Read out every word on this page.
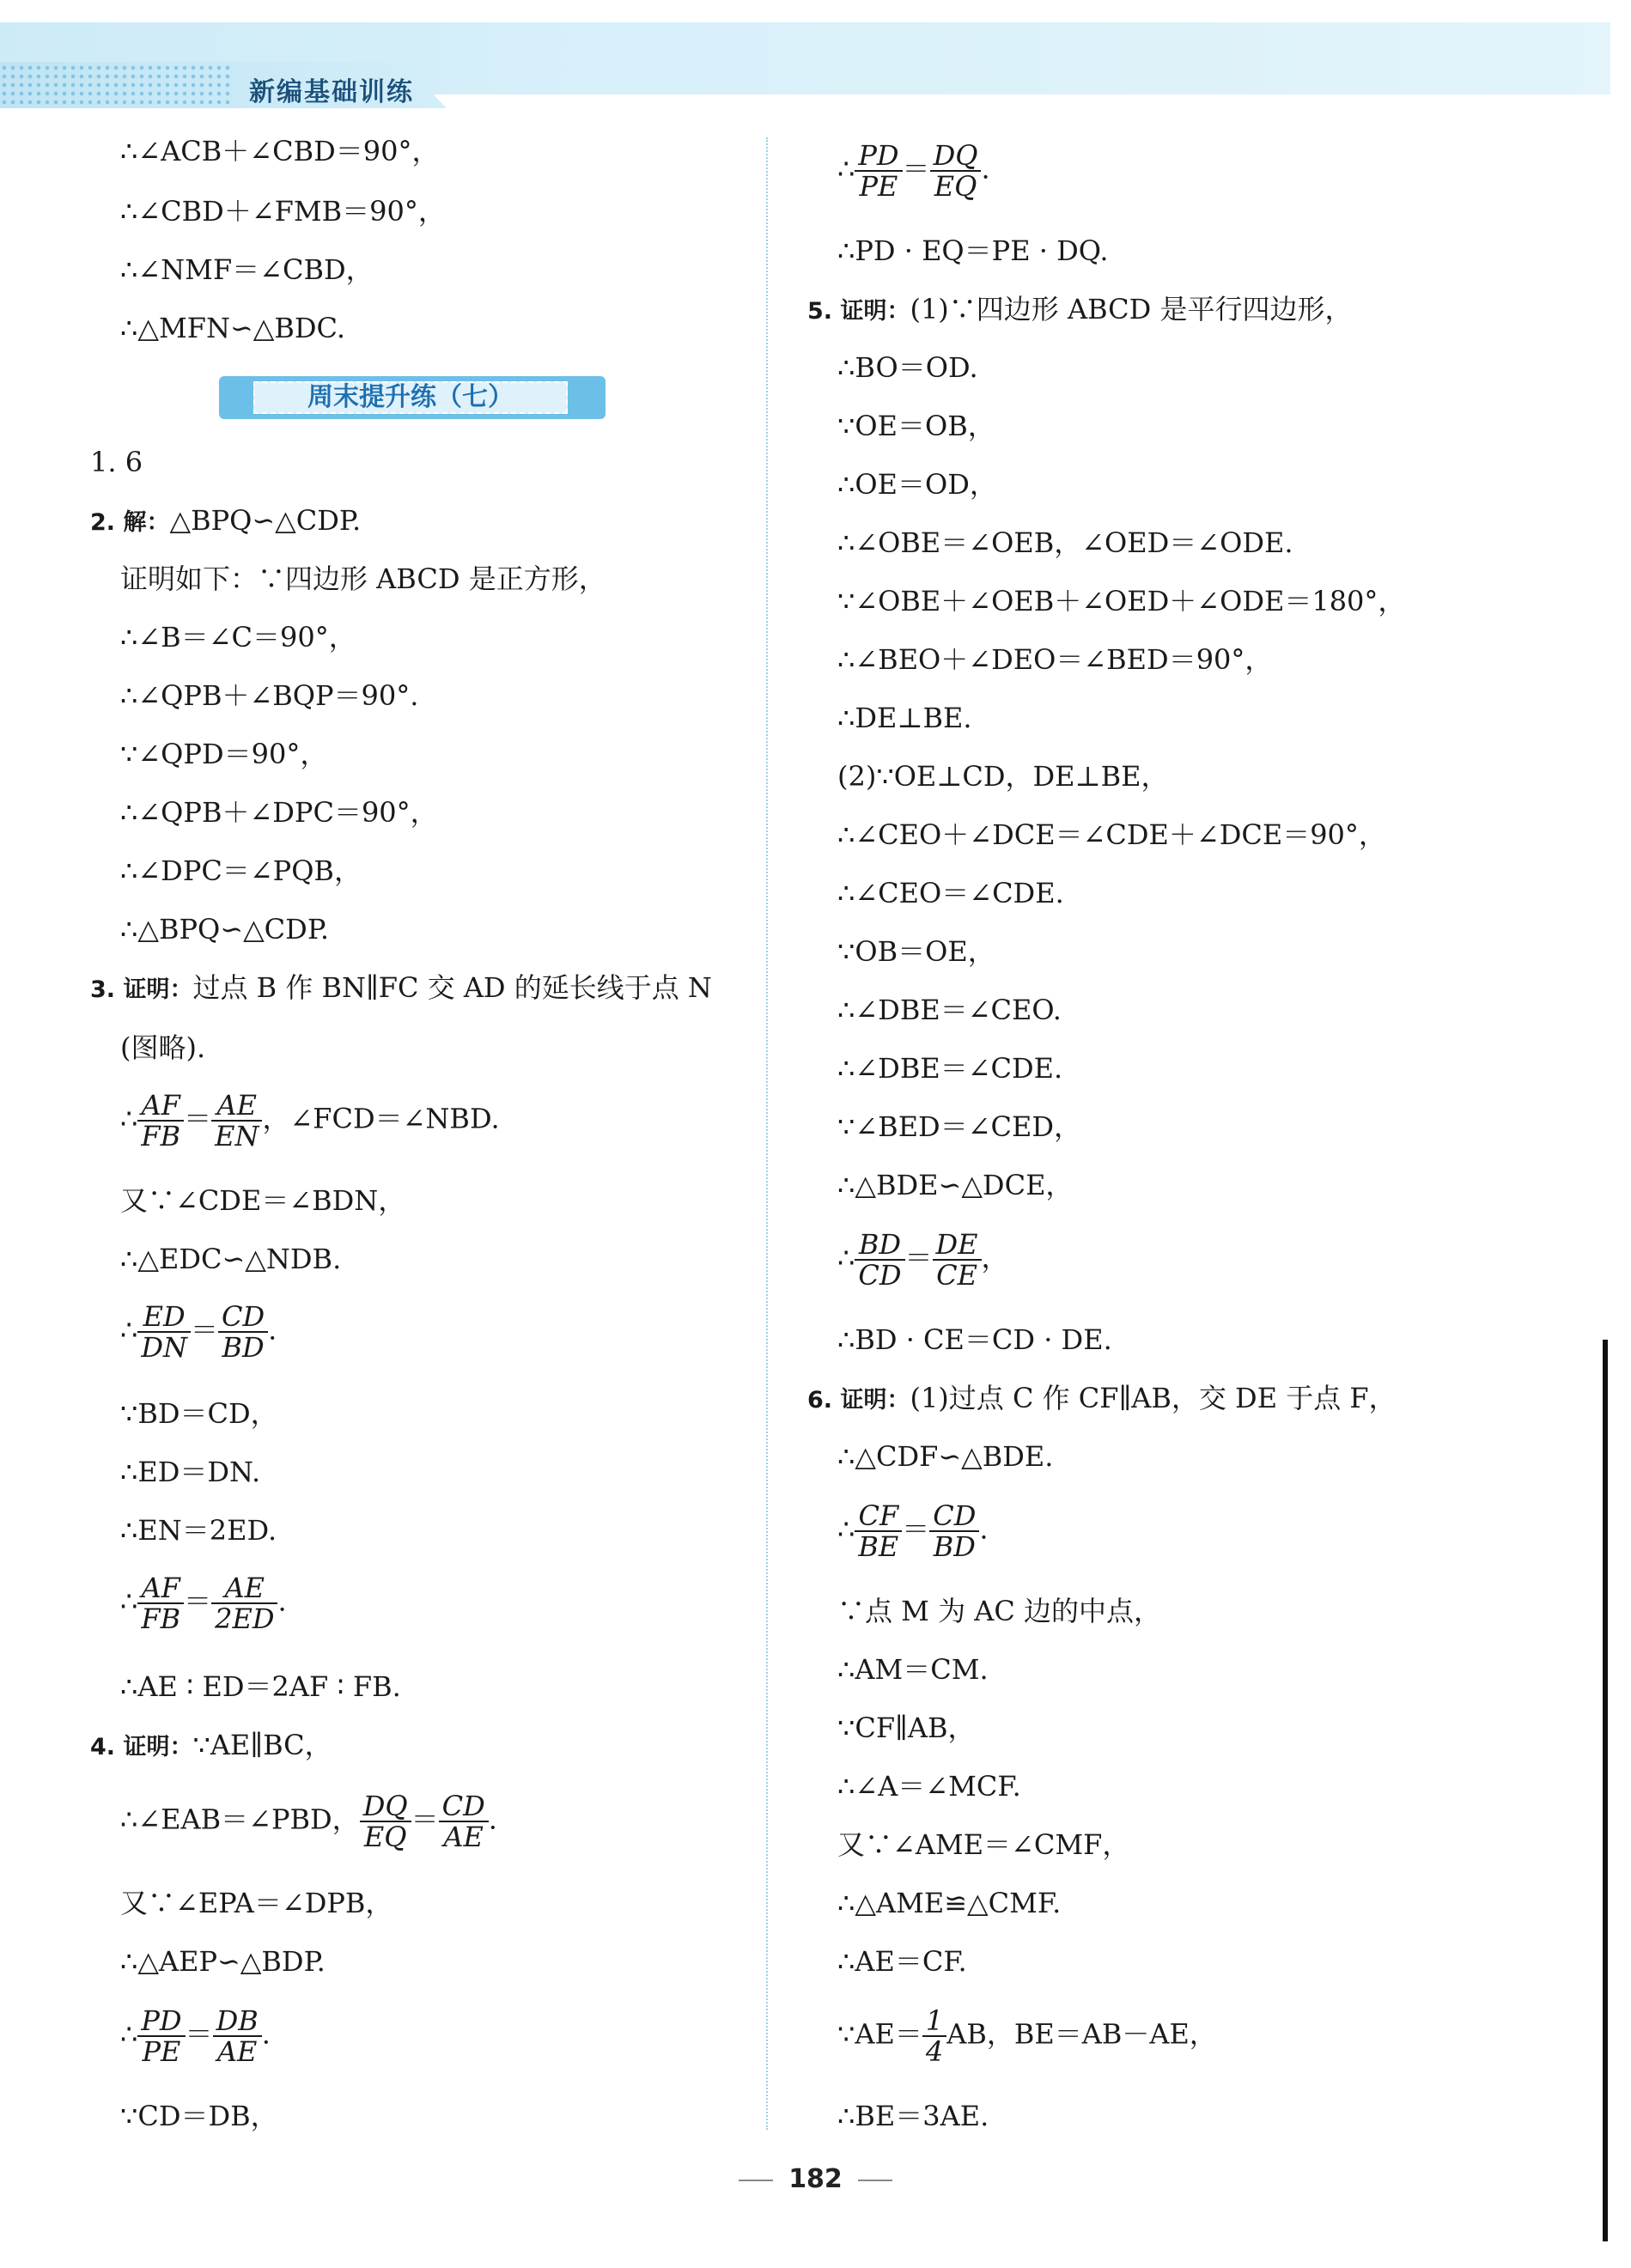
新编基础训练
∴∠ACB＋∠CBD＝90°，
∴∠CBD＋∠FMB＝90°，
∴∠NMF＝∠CBD，
∴△MFN∽△BDC.
周末提升练（七）
1. 6
2. 解：△BPQ∽△CDP.
证明如下：∵四边形 ABCD 是正方形，
∴∠B＝∠C＝90°，
∴∠QPB＋∠BQP＝90°.
∵∠QPD＝90°，
∴∠QPB＋∠DPC＝90°，
∴∠DPC＝∠PQB，
∴△BPQ∽△CDP.
3. 证明：过点 B 作 BN∥FC 交 AD 的延长线于点 N
(图略).
∴ $\frac{AF}{FB} = \frac{AE}{EN}$ ，∠FCD＝∠NBD.
又∵∠CDE＝∠BDN，
∴△EDC∽△NDB.
∴ $\frac{ED}{DN} = \frac{CD}{BD}$ .
∵BD＝CD，
∴ED＝DN.
∴EN＝2ED.
∴ $\frac{AF}{FB} = \frac{AE}{2ED}$ .
∴AE ∶ ED＝2AF ∶ FB.
4. 证明：∵AE∥BC，
∴∠EAB＝∠PBD， $\frac{DQ}{EQ} = \frac{CD}{AE}$ .
又∵∠EPA＝∠DPB，
∴△AEP∽△BDP.
∴ $\frac{PD}{PE} = \frac{DB}{AE}$ .
∵CD＝DB，
∴ $\frac{PD}{PE} = \frac{DQ}{EQ}$ .
∴PD · EQ＝PE · DQ.
5. 证明：(1)∵四边形 ABCD 是平行四边形，
∴BO＝OD.
∵OE＝OB，
∴OE＝OD，
∴∠OBE＝∠OEB，∠OED＝∠ODE.
∵∠OBE＋∠OEB＋∠OED＋∠ODE＝180°，
∴∠BEO＋∠DEO＝∠BED＝90°，
∴DE⊥BE.
(2)∵OE⊥CD，DE⊥BE，
∴∠CEO＋∠DCE＝∠CDE＋∠DCE＝90°，
∴∠CEO＝∠CDE.
∵OB＝OE，
∴∠DBE＝∠CEO.
∴∠DBE＝∠CDE.
∵∠BED＝∠CED，
∴△BDE∽△DCE，
∴ $\frac{BD}{CD} = \frac{DE}{CE}$ ，
∴BD · CE＝CD · DE.
6. 证明：(1)过点 C 作 CF∥AB，交 DE 于点 F，
∴△CDF∽△BDE.
∴ $\frac{CF}{BE} = \frac{CD}{BD}$ .
∵点 M 为 AC 边的中点，
∴AM＝CM.
∵CF∥AB，
∴∠A＝∠MCF.
又∵∠AME＝∠CMF，
∴△AME≌△CMF.
∴AE＝CF.
∵AE＝ $\frac{1}{4}$ AB，BE＝AB－AE，
∴BE＝3AE.
182
